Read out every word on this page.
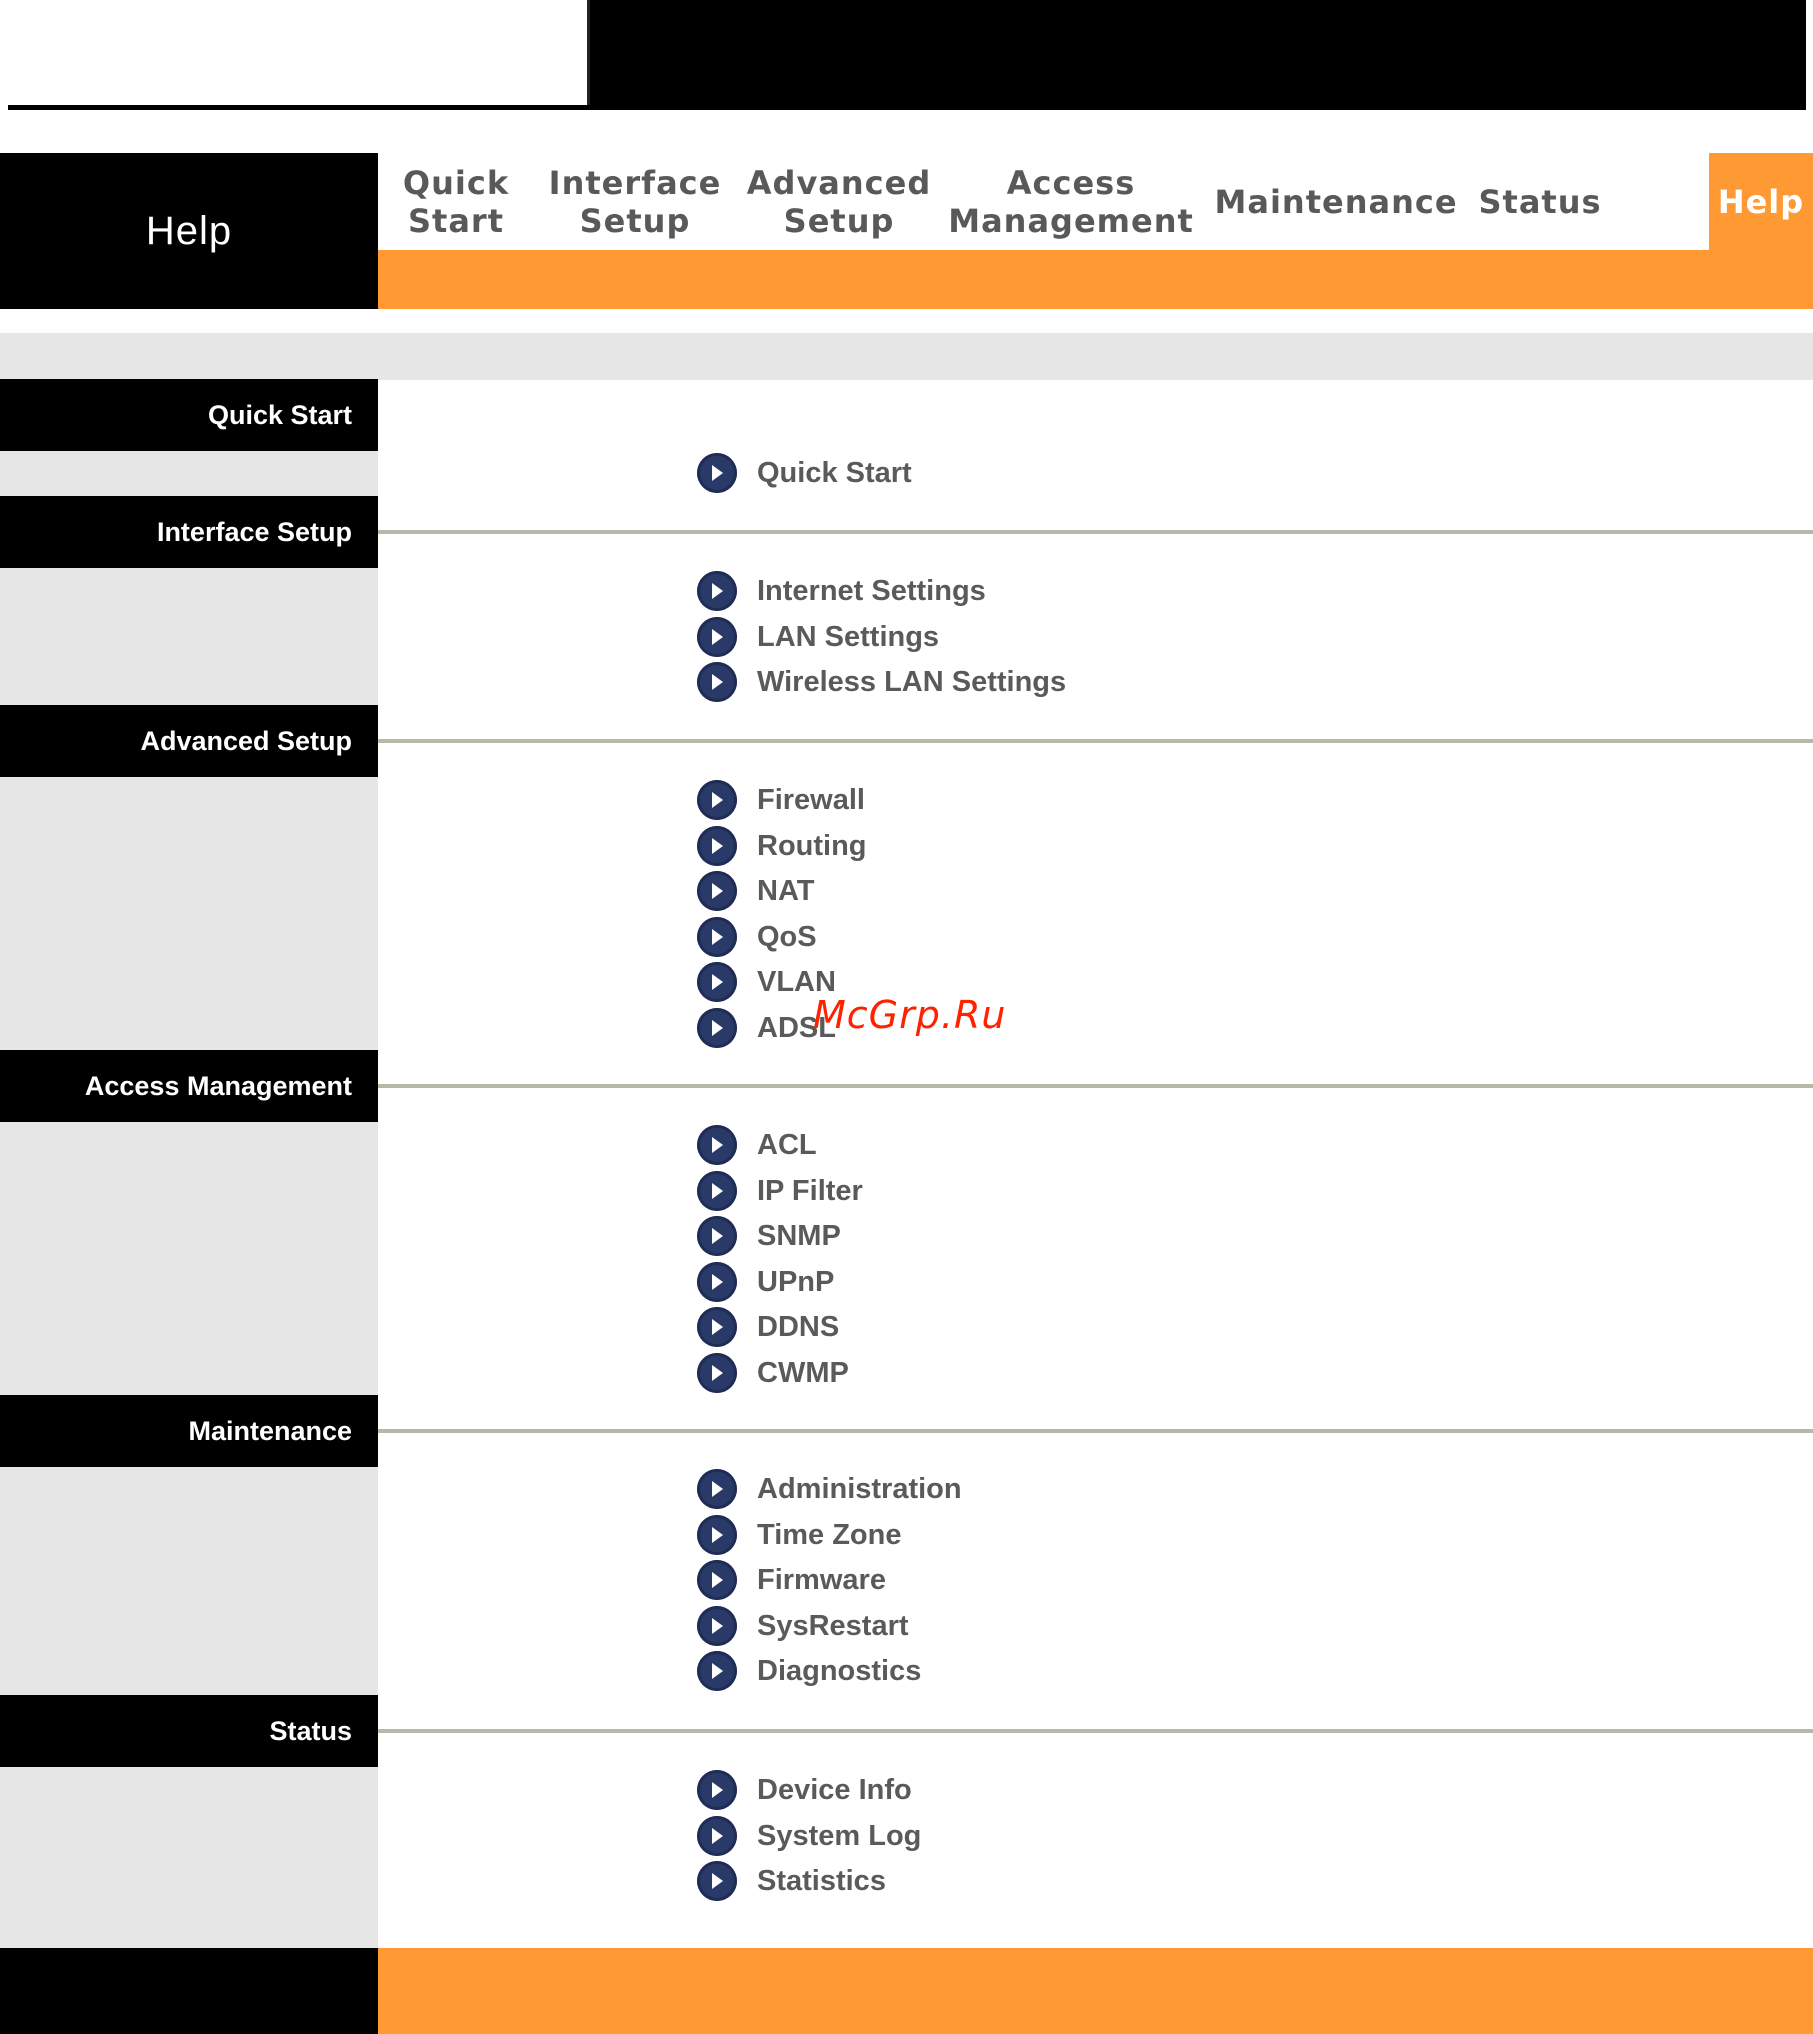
Help
Quick
Start
Interface
Setup
Advanced
Setup
Access
Management Maintenance Status	Help
Quick Start
Quick Start
Interface Setup
Internet Settings
LAN Settings
Wireless LAN Settings
Advanced Setup
Firewall
Routing
NAT
QoS
VLAN
ADSL
Access Management
ACL
IP Filter
SNMP
UPnP
DDNS
CWMP
Maintenance
Administration
Time Zone
Firmware
SysRestart
Diagnostics
Status
Device Info
System Log
Statistics
McGrp.Ru
